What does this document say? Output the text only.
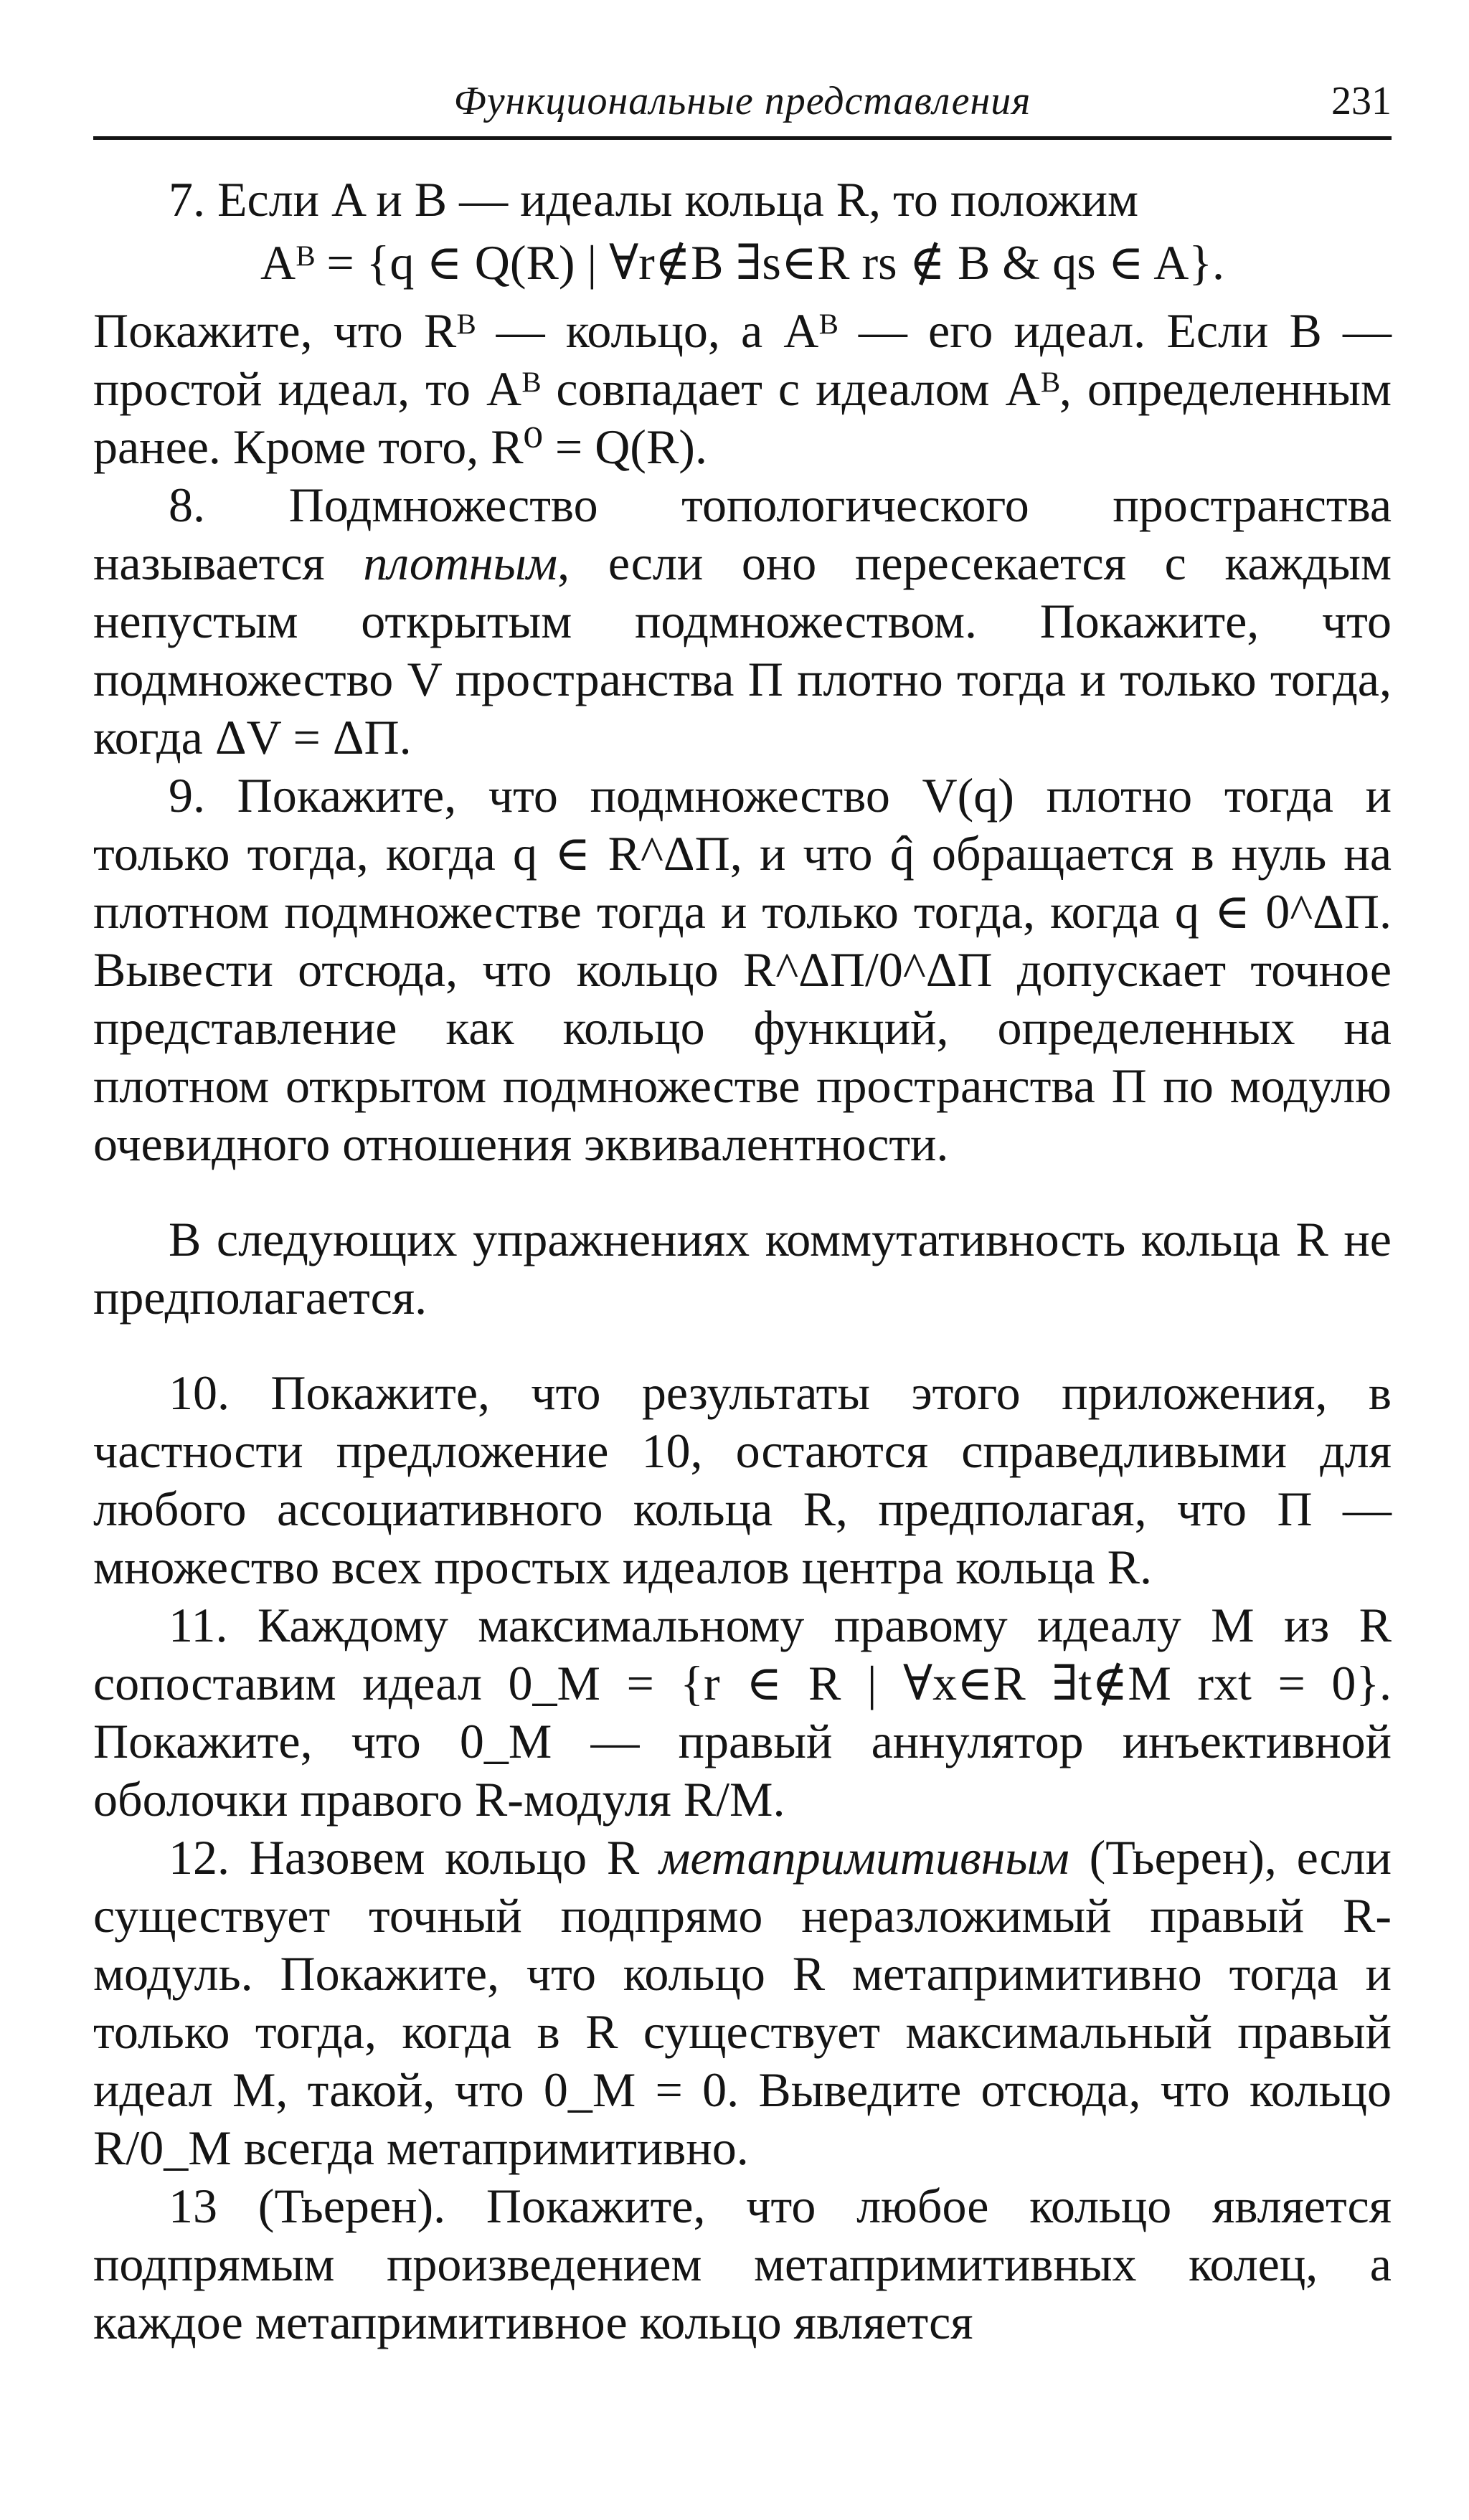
Функциональные представления	231

7. Если A и B — идеалы кольца R, то положим

Aᴮ = {q ∈ Q(R) | ∀r∉B ∃s∈R rs ∉ B & qs ∈ A}.

Покажите, что Rᴮ — кольцо, а Aᴮ — его идеал. Если B — простой идеал, то Aᴮ совпадает с идеалом Aᴮ, определенным ранее. Кроме того, R⁰ = Q(R).

8. Подмножество топологического пространства называется плотным, если оно пересекается с каждым непустым открытым подмножеством. Покажите, что подмножество V пространства П плотно тогда и только тогда, когда ΔV = ΔП.

9. Покажите, что подмножество V(q) плотно тогда и только тогда, когда q ∈ R^ΔП, и что q̂ обращается в нуль на плотном подмножестве тогда и только тогда, когда q ∈ 0^ΔП. Вывести отсюда, что кольцо R^ΔП/0^ΔП допускает точное представление как кольцо функций, определенных на плотном открытом подмножестве пространства П по модулю очевидного отношения эквивалентности.

В следующих упражнениях коммутативность кольца R не предполагается.

10. Покажите, что результаты этого приложения, в частности предложение 10, остаются справедливыми для любого ассоциативного кольца R, предполагая, что П — множество всех простых идеалов центра кольца R.

11. Каждому максимальному правому идеалу M из R сопоставим идеал 0_M = {r ∈ R | ∀x∈R ∃t∉M rxt = 0}. Покажите, что 0_M — правый аннулятор инъективной оболочки правого R-модуля R/M.

12. Назовем кольцо R метапримитивным (Тьерен), если существует точный подпрямо неразложимый правый R-модуль. Покажите, что кольцо R метапримитивно тогда и только тогда, когда в R существует максимальный правый идеал M, такой, что 0_M = 0. Выведите отсюда, что кольцо R/0_M всегда метапримитивно.

13 (Тьерен). Покажите, что любое кольцо является подпрямым произведением метапримитивных колец, а каждое метапримитивное кольцо является
